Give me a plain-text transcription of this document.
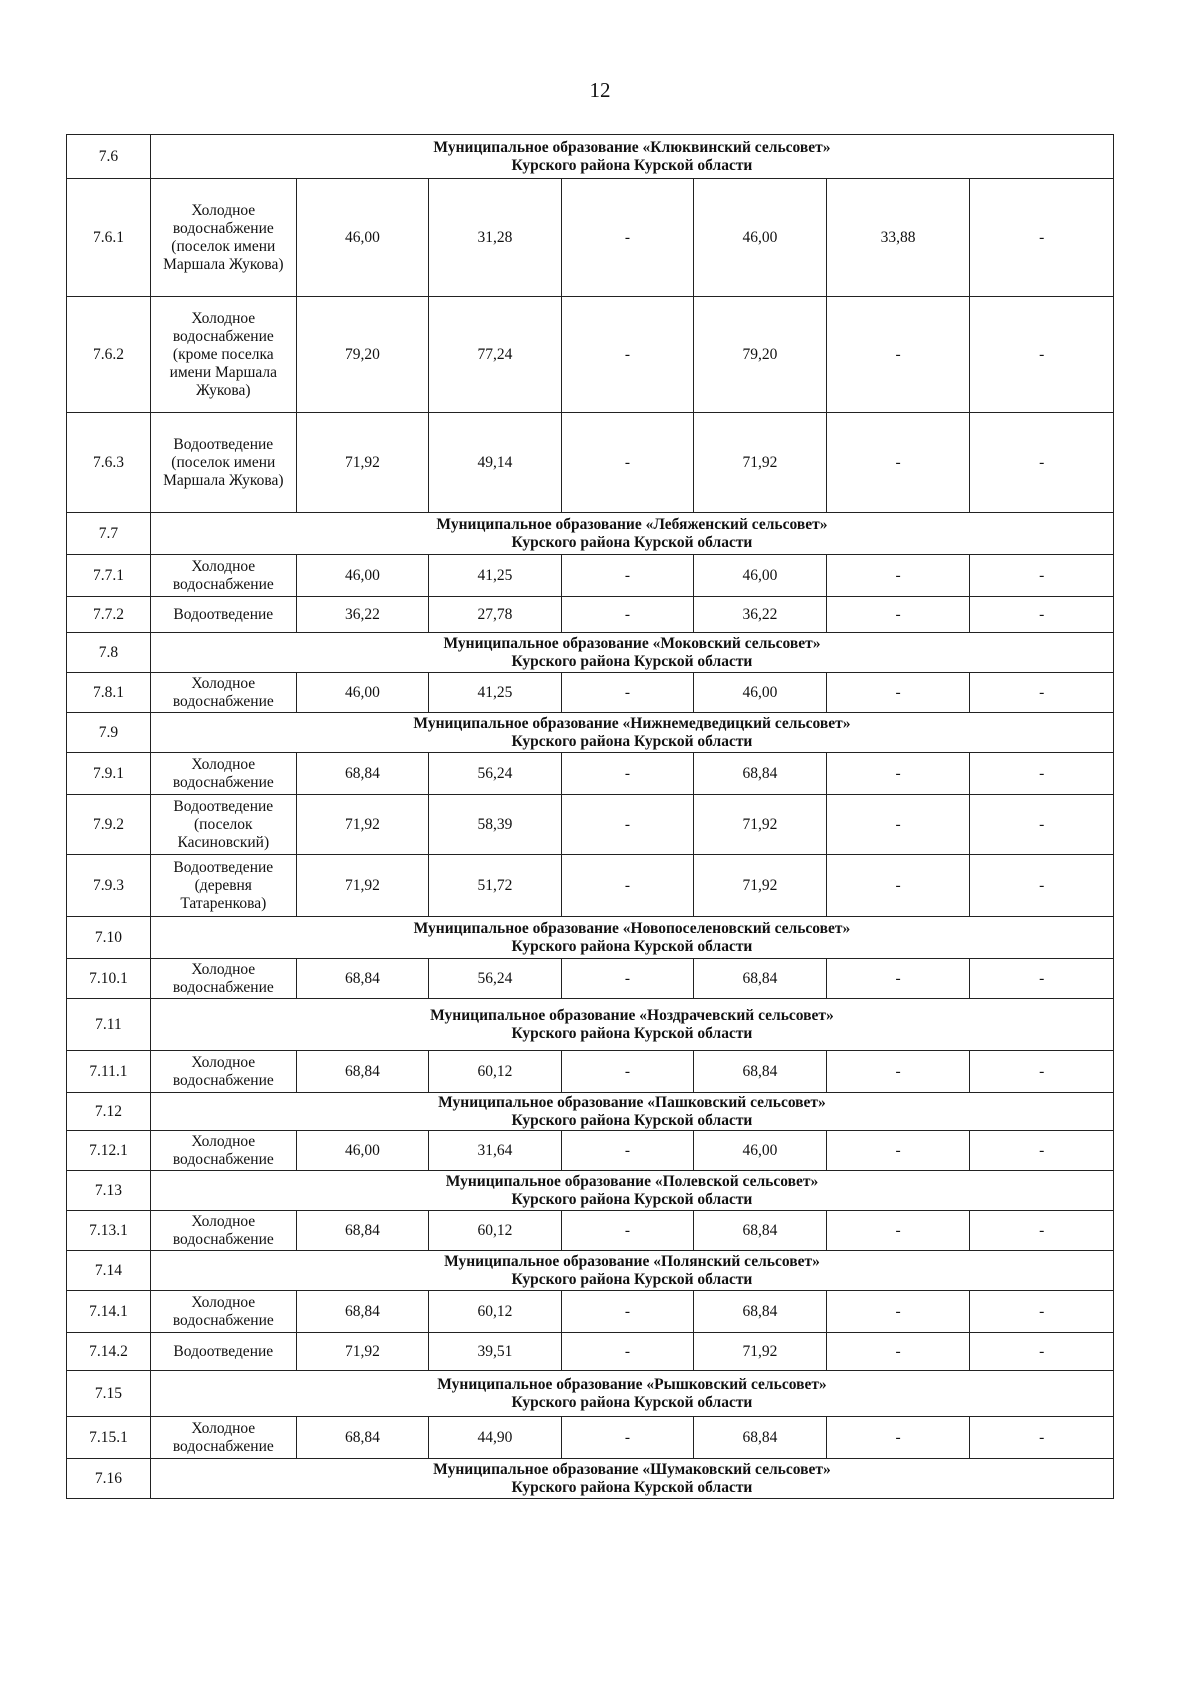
12
7.6	Муниципальное образование «Клюквинский сельсовет»
Курского района Курской области						

7.6.1	Холодное водоснабжение (поселок имени Маршала Жукова)	46,00	31,28	-	46,00	33,88	-
7.6.2	Холодное водоснабжение (кроме поселка имени Маршала Жукова)	79,20	77,24	-	79,20	-	-
7.6.3	Водоотведение (поселок имени Маршала Жукова)	71,92	49,14	-	71,92	-	-
7.7	Муниципальное образование «Лебяженский сельсовет»
Курского района Курской области						

7.7.1	Холодное водоснабжение	46,00	41,25	-	46,00	-	-
7.7.2	Водоотведение	36,22	27,78	-	36,22	-	-
7.8	Муниципальное образование «Моковский сельсовет»
Курского района Курской области						

7.8.1	Холодное водоснабжение	46,00	41,25	-	46,00	-	-
7.9	Муниципальное образование «Нижнемедведицкий сельсовет»
Курского района Курской области						

7.9.1	Холодное водоснабжение	68,84	56,24	-	68,84	-	-
7.9.2	Водоотведение (поселок Касиновский)	71,92	58,39	-	71,92	-	-
7.9.3	Водоотведение (деревня Татаренкова)	71,92	51,72	-	71,92	-	-
7.10	Муниципальное образование «Новопоселеновский сельсовет»
Курского района Курской области						

7.10.1	Холодное водоснабжение	68,84	56,24	-	68,84	-	-
7.11	Муниципальное образование «Ноздрачевский сельсовет»
Курского района Курской области						

7.11.1	Холодное водоснабжение	68,84	60,12	-	68,84	-	-
7.12	Муниципальное образование «Пашковский сельсовет»
Курского района Курской области						

7.12.1	Холодное водоснабжение	46,00	31,64	-	46,00	-	-
7.13	Муниципальное образование «Полевской сельсовет»
Курского района Курской области						

7.13.1	Холодное водоснабжение	68,84	60,12	-	68,84	-	-
7.14	Муниципальное образование «Полянский сельсовет»
Курского района Курской области						

7.14.1	Холодное водоснабжение	68,84	60,12	-	68,84	-	-
7.14.2	Водоотведение	71,92	39,51	-	71,92	-	-
7.15	Муниципальное образование «Рышковский сельсовет»
Курского района Курской области						

7.15.1	Холодное водоснабжение	68,84	44,90	-	68,84	-	-
7.16	Муниципальное образование «Шумаковский сельсовет»
Курского района Курской области						
